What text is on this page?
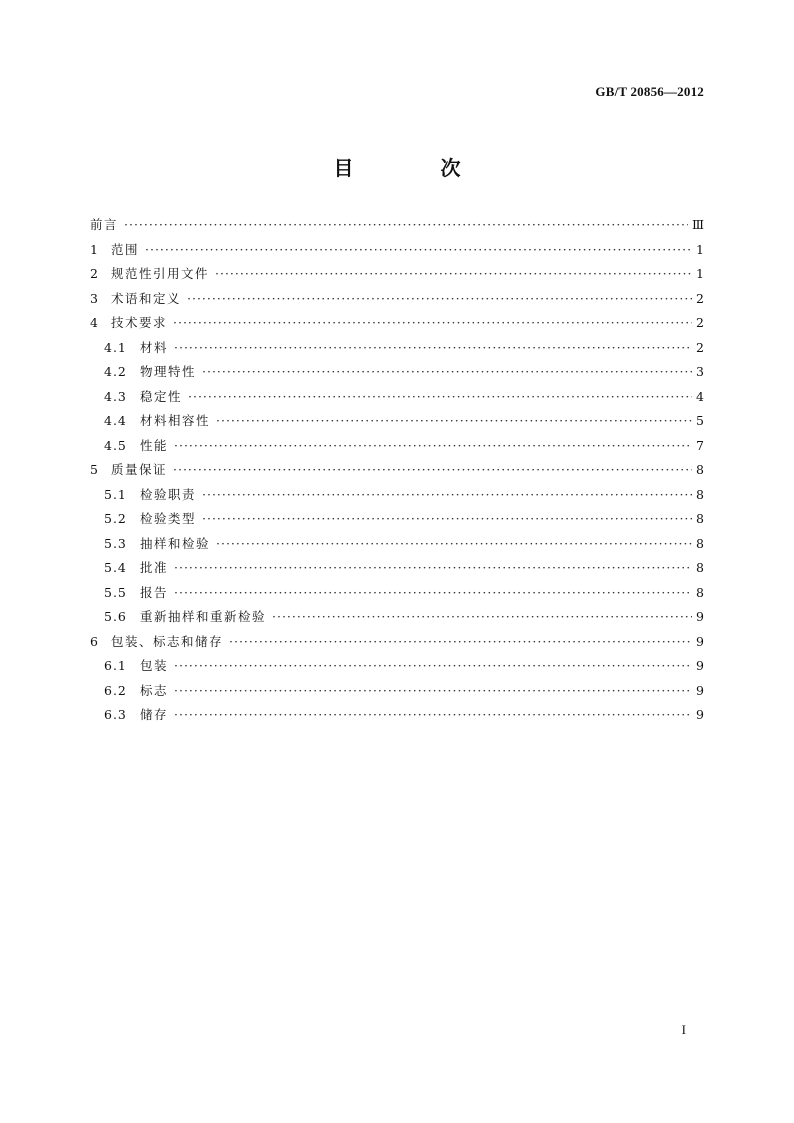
GB/T 20856—2012
目 次
前言 ·····	Ⅲ
1 范围 ·····	1
2 规范性引用文件 ·····	1
3 术语和定义 ·····	2
4 技术要求 ·····	2
4.1	材料 ·····	2
4.2	物理特性 ·····	3
4.3	稳定性 ·····	4
4.4	材料相容性 ·····	5
4.5	性能 ·····	7
5 质量保证 ·····	8
5.1	检验职责 ·····	8
5.2	检验类型 ·····	8
5.3	抽样和检验 ·····	8
5.4	批准 ·····	8
5.5	报告 ·····	8
5.6	重新抽样和重新检验 ·····	9
6 包装、标志和储存 ·····	9
6.1	包装 ·····	9
6.2	标志 ·····	9
6.3	储存 ·····	9
I
